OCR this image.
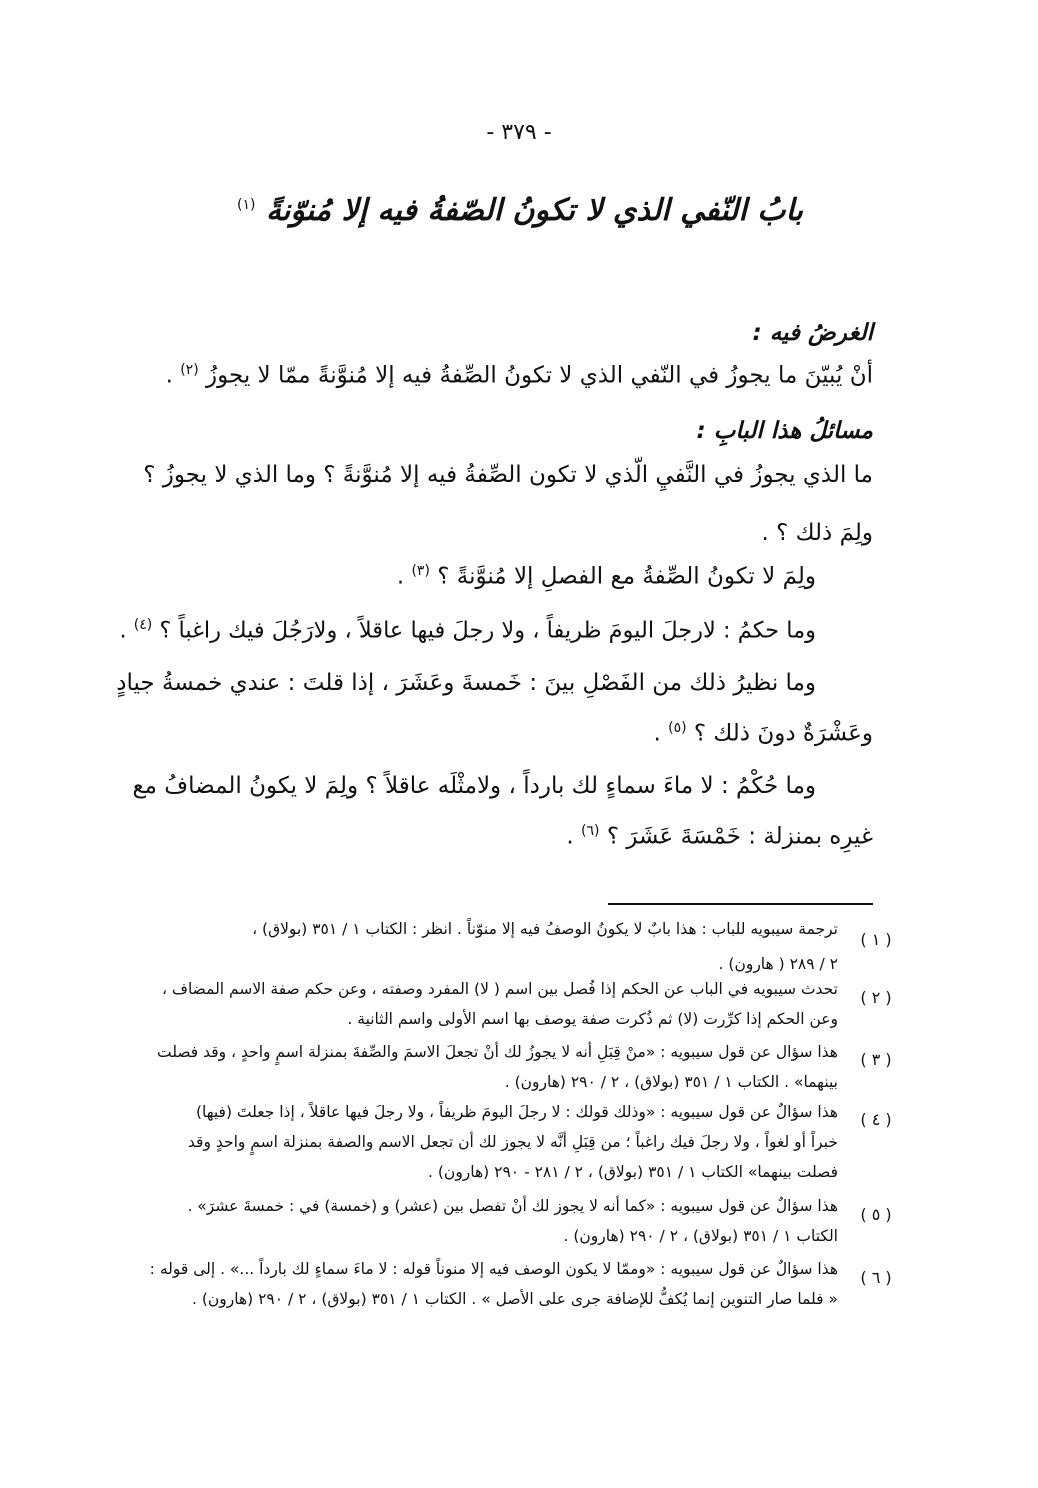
- ٣٧٩ -
بابُ النّفي الذي لا تكونُ الصّفةُ فيه إلا مُنوّنةً $^{(١)}$
الغرضُ فيه :
أنْ يُبيّنَ ما يجوزُ في النّفي الذي لا تكونُ الصِّفةُ فيه إلا مُنوَّنةً ممّا لا يجوزُ $^{(٢)}$ .
مسائلُ هذا البابِ :
ما الذي يجوزُ في النَّفيِ الّذي لا تكون الصِّفةُ فيه إلا مُنوَّنةً ؟ وما الذي لا يجوزُ ؟
ولِمَ ذلك ؟ .
ولِمَ لا تكونُ الصِّفةُ مع الفصلِ إلا مُنوَّنةً ؟ $^{(٣)}$ .
وما حكمُ : لارجلَ اليومَ ظريفاً ، ولا رجلَ فيها عاقلاً ، ولارَجُلَ فيك راغباً ؟ $^{(٤)}$ .
وما نظيرُ ذلك من الفَصْلِ بينَ : خَمسةَ وعَشَرَ ، إذا قلتَ : عندي خمسةُ جيادٍ
وعَشْرَةٌ دونَ ذلك ؟ $^{(٥)}$ .
وما حُكْمُ : لا ماءَ سماءٍ لك بارداً ، ولامثْلَه عاقلاً ؟ ولِمَ لا يكونُ المضافُ مع
غيرِه بمنزلة : خَمْسَةَ عَشَرَ ؟ $^{(٦)}$ .
( ١ )
ترجمة سيبويه للباب : هذا بابٌ لا يكونُ الوصفُ فيه إلا منوّناً . انظر : الكتاب ١ / ٣٥١ (بولاق) ،
٢ / ٢٨٩ ( هارون) .
( ٢ )
تحدث سيبويه في الباب عن الحكم إذا فُصل بين اسم ( لا) المفرد وصفته ، وعن حكم صفة الاسم المضاف ،
وعن الحكم إذا كرِّرت (لا) ثم ذُكرت صفة يوصف بها اسم الأولى واسم الثانية .
( ٣ )
هذا سؤال عن قول سيبويه : «منْ قِبَلِ أنه لا يجوزُ لك أنْ تجعلَ الاسمَ والصِّفةَ بمنزلة اسمٍ واحدٍ ، وقد فصلت
بينهما» . الكتاب ١ / ٣٥١ (بولاق) ، ٢ / ٢٩٠ (هارون) .
( ٤ )
هذا سؤالٌ عن قول سيبويه : «وذلك قولك : لا رجلَ اليومَ ظريفاً ، ولا رجلَ فيها عاقلاً ، إذا جعلتَ (فيها)
خبراً أو لغواً ، ولا رجلَ فيك راغباً ؛ من قِبَلِ أنَّه لا يجوز لك أن تجعل الاسم والصفة بمنزلة اسمٍ واحدٍ وقد
فصلت بينهما» الكتاب ١ / ٣٥١ (بولاق) ، ٢ / ٢٨١ - ٢٩٠ (هارون) .
( ٥ )
هذا سؤالٌ عن قول سيبويه : «كما أنه لا يجوز لك أنْ تفصل بين (عشر) و (خمسة) في : خمسةَ عشرَ» .
الكتاب ١ / ٣٥١ (بولاق) ، ٢ / ٢٩٠ (هارون) .
( ٦ )
هذا سؤالٌ عن قول سيبويه : «وممّا لا يكون الوصف فيه إلا منوناً قوله : لا ماءَ سماءٍ لك بارداً ...» . إلى قوله :
« فلما صار التنوين إنما يُكفُّ للإضافة جرى على الأصل » . الكتاب ١ / ٣٥١ (بولاق) ، ٢ / ٢٩٠ (هارون) .
